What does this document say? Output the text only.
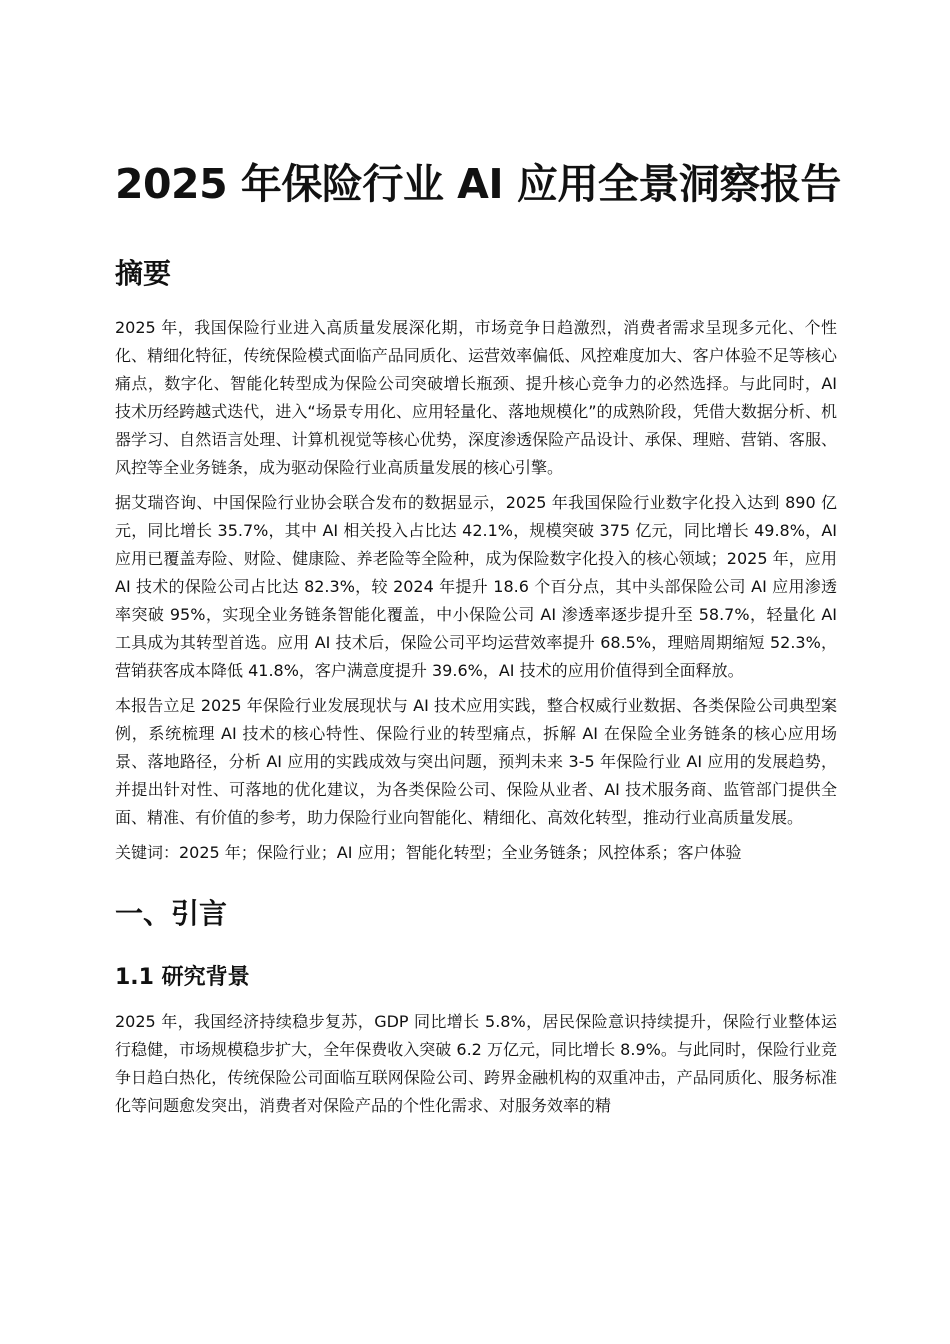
2025 年保险行业 AI 应用全景洞察报告
摘要

2025 年，我国保险行业进入高质量发展深化期，市场竞争日趋激烈，消费者需求呈现多元化、个性化、精细化特征，传统保险模式面临产品同质化、运营效率偏低、风控难度加大、客户体验不足等核心痛点，数字化、智能化转型成为保险公司突破增长瓶颈、提升核心竞争力的必然选择。与此同时，AI 技术历经跨越式迭代，进入“场景专用化、应用轻量化、落地规模化”的成熟阶段，凭借大数据分析、机器学习、自然语言处理、计算机视觉等核心优势，深度渗透保险产品设计、承保、理赔、营销、客服、风控等全业务链条，成为驱动保险行业高质量发展的核心引擎。

据艾瑞咨询、中国保险行业协会联合发布的数据显示，2025 年我国保险行业数字化投入达到 890 亿元，同比增长 35.7%，其中 AI 相关投入占比达 42.1%，规模突破 375 亿元，同比增长 49.8%，AI 应用已覆盖寿险、财险、健康险、养老险等全险种，成为保险数字化投入的核心领域；2025 年，应用 AI 技术的保险公司占比达 82.3%，较 2024 年提升 18.6 个百分点，其中头部保险公司 AI 应用渗透率突破 95%，实现全业务链条智能化覆盖，中小保险公司 AI 渗透率逐步提升至 58.7%，轻量化 AI 工具成为其转型首选。应用 AI 技术后，保险公司平均运营效率提升 68.5%，理赔周期缩短 52.3%，营销获客成本降低 41.8%，客户满意度提升 39.6%，AI 技术的应用价值得到全面释放。

本报告立足 2025 年保险行业发展现状与 AI 技术应用实践，整合权威行业数据、各类保险公司典型案例，系统梳理 AI 技术的核心特性、保险行业的转型痛点，拆解 AI 在保险全业务链条的核心应用场景、落地路径，分析 AI 应用的实践成效与突出问题，预判未来 3-5 年保险行业 AI 应用的发展趋势，并提出针对性、可落地的优化建议，为各类保险公司、保险从业者、AI 技术服务商、监管部门提供全面、精准、有价值的参考，助力保险行业向智能化、精细化、高效化转型，推动行业高质量发展。

关键词：2025 年；保险行业；AI 应用；智能化转型；全业务链条；风控体系；客户体验

一、引言
1.1 研究背景

2025 年，我国经济持续稳步复苏，GDP 同比增长 5.8%，居民保险意识持续提升，保险行业整体运行稳健，市场规模稳步扩大，全年保费收入突破 6.2 万亿元，同比增长 8.9%。与此同时，保险行业竞争日趋白热化，传统保险公司面临互联网保险公司、跨界金融机构的双重冲击，产品同质化、服务标准化等问题愈发突出，消费者对保险产品的个性化需求、对服务效率的精
